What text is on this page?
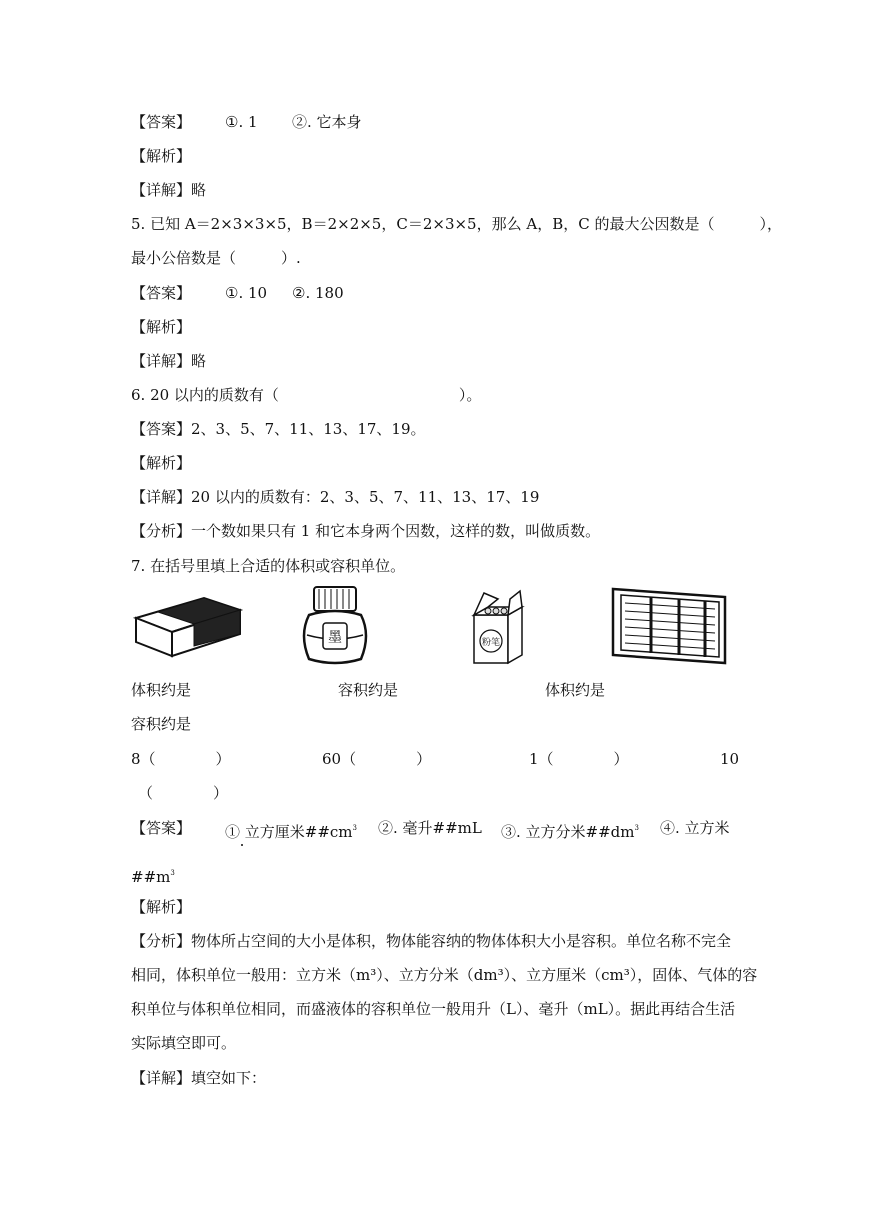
【答案】 ①. 1 ②. 它本身
【解析】
【详解】略
5. 已知 A＝2×3×3×5，B＝2×2×5，C＝2×3×5，那么 A，B，C 的最大公因数是（　　　），
最小公倍数是（　　　）.
【答案】 ①. 10 ②. 180
【解析】
【详解】略
6. 20 以内的质数有（　　　　　　　　　　　　）。
【答案】2、3、5、7、11、13、17、19。
【解析】
【详解】20 以内的质数有：2、3、5、7、11、13、17、19
【分析】一个数如果只有 1 和它本身两个因数，这样的数，叫做质数。
7. 在括号里填上合适的体积或容积单位。
墨	粉笔
体积约是	容积约是	体积约是
容积约是
8（　　　　）	60（　　　　）	1（　　　　）	10
（　　　　）
【答案】 ① 立方厘米$\#\#cm^3$ ②. 毫升##mL ③. 立方分米$\#\#dm^3$ ④. 立方米
$\#\#m^3$
【解析】
【分析】物体所占空间的大小是体积，物体能容纳的物体体积大小是容积。单位名称不完全
相同，体积单位一般用：立方米（m³）、立方分米（dm³）、立方厘米（cm³），固体、气体的容
积单位与体积单位相同，而盛液体的容积单位一般用升（L）、毫升（mL）。据此再结合生活
实际填空即可。
【详解】填空如下：
